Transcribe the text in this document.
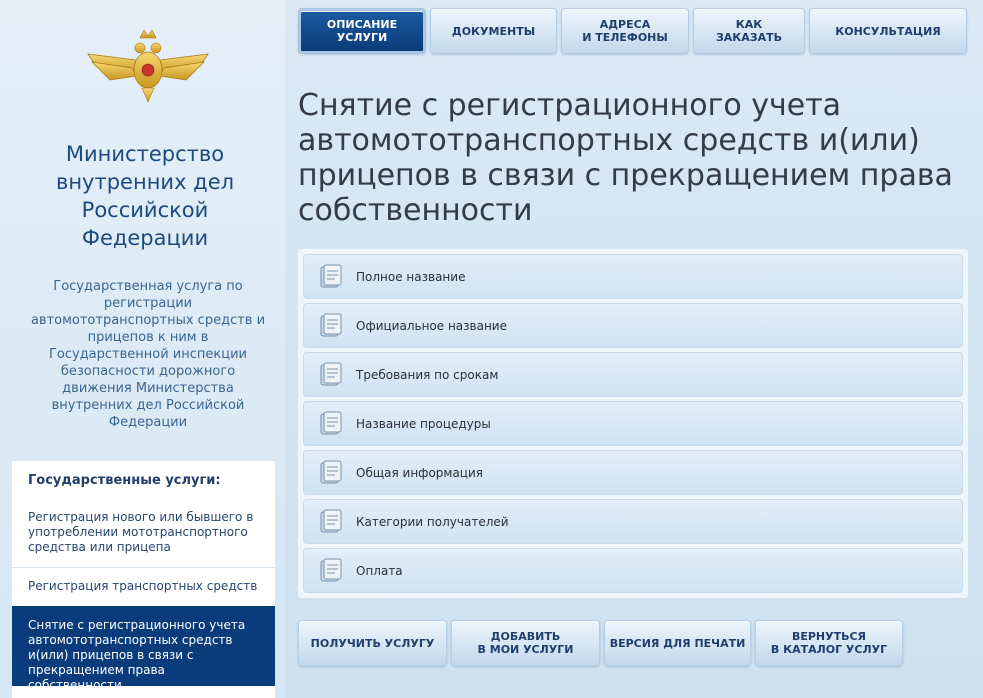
Министерство внутренних дел Российской Федерации
Государственная услуга по регистрации автомототранспортных средств и прицепов к ним в Государственной инспекции безопасности дорожного движения Министерства внутренних дел Российской Федерации
Государственные услуги:
Регистрация нового или бывшего в употреблении мототранспортного средства или прицепа
Регистрация транспортных средств
Снятие с регистрационного учета автомототранспортных средств и(или) прицепов в связи с прекращением права собственности
ОПИСАНИЕ
УСЛУГИ	ДОКУМЕНТЫ	АДРЕСА
И ТЕЛЕФОНЫ
КАК
ЗАКАЗАТЬ	КОНСУЛЬТАЦИЯ
Снятие с регистрационного учета автомототранспортных средств и(или) прицепов в связи с прекращением права собственности
Полное название
Официальное название
Требования по срокам
Название процедуры
Общая информация
Категории получателей
Оплата
ПОЛУЧИТЬ УСЛУГУ	ДОБАВИТЬ
В МОИ УСЛУГИ	ВЕРСИЯ ДЛЯ ПЕЧАТИ	ВЕРНУТЬСЯ
В КАТАЛОГ УСЛУГ
